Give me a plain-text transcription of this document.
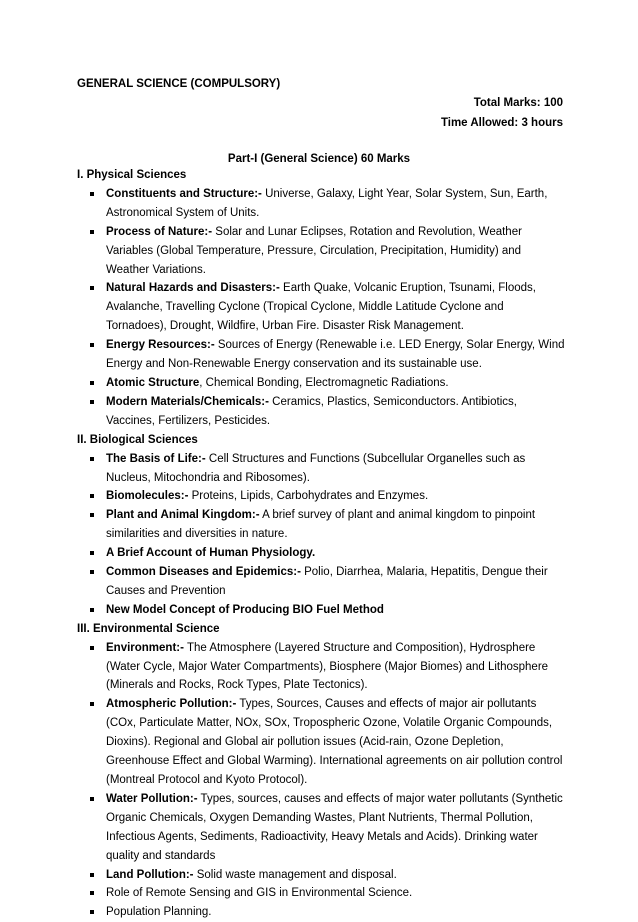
GENERAL SCIENCE (COMPULSORY)
Total Marks: 100
Time Allowed: 3 hours
Part-I (General Science) 60 Marks

I. Physical Sciences

Constituents and Structure:- Universe, Galaxy, Light Year, Solar System, Sun, Earth, Astronomical System of Units.
Process of Nature:- Solar and Lunar Eclipses, Rotation and Revolution, Weather Variables (Global Temperature, Pressure, Circulation, Precipitation, Humidity) and Weather Variations.
Natural Hazards and Disasters:- Earth Quake, Volcanic Eruption, Tsunami, Floods, Avalanche, Travelling Cyclone (Tropical Cyclone, Middle Latitude Cyclone and Tornadoes), Drought, Wildfire, Urban Fire. Disaster Risk Management.
Energy Resources:- Sources of Energy (Renewable i.e. LED Energy, Solar Energy, Wind Energy and Non-Renewable Energy conservation and its sustainable use.
Atomic Structure, Chemical Bonding, Electromagnetic Radiations.
Modern Materials/Chemicals:- Ceramics, Plastics, Semiconductors. Antibiotics, Vaccines, Fertilizers, Pesticides.

II. Biological Sciences

The Basis of Life:- Cell Structures and Functions (Subcellular Organelles such as Nucleus, Mitochondria and Ribosomes).
Biomolecules:- Proteins, Lipids, Carbohydrates and Enzymes.
Plant and Animal Kingdom:- A brief survey of plant and animal kingdom to pinpoint similarities and diversities in nature.
A Brief Account of Human Physiology.
Common Diseases and Epidemics:- Polio, Diarrhea, Malaria, Hepatitis, Dengue their Causes and Prevention
New Model Concept of Producing BIO Fuel Method

III. Environmental Science

Environment:- The Atmosphere (Layered Structure and Composition), Hydrosphere (Water Cycle, Major Water Compartments), Biosphere (Major Biomes) and Lithosphere (Minerals and Rocks, Rock Types, Plate Tectonics).
Atmospheric Pollution:- Types, Sources, Causes and effects of major air pollutants (COx, Particulate Matter, NOx, SOx, Tropospheric Ozone, Volatile Organic Compounds, Dioxins). Regional and Global air pollution issues (Acid-rain, Ozone Depletion, Greenhouse Effect and Global Warming). International agreements on air pollution control (Montreal Protocol and Kyoto Protocol).
Water Pollution:- Types, sources, causes and effects of major water pollutants (Synthetic Organic Chemicals, Oxygen Demanding Wastes, Plant Nutrients, Thermal Pollution, Infectious Agents, Sediments, Radioactivity, Heavy Metals and Acids). Drinking water quality and standards
Land Pollution:- Solid waste management and disposal.
Role of Remote Sensing and GIS in Environmental Science.
Population Planning.
